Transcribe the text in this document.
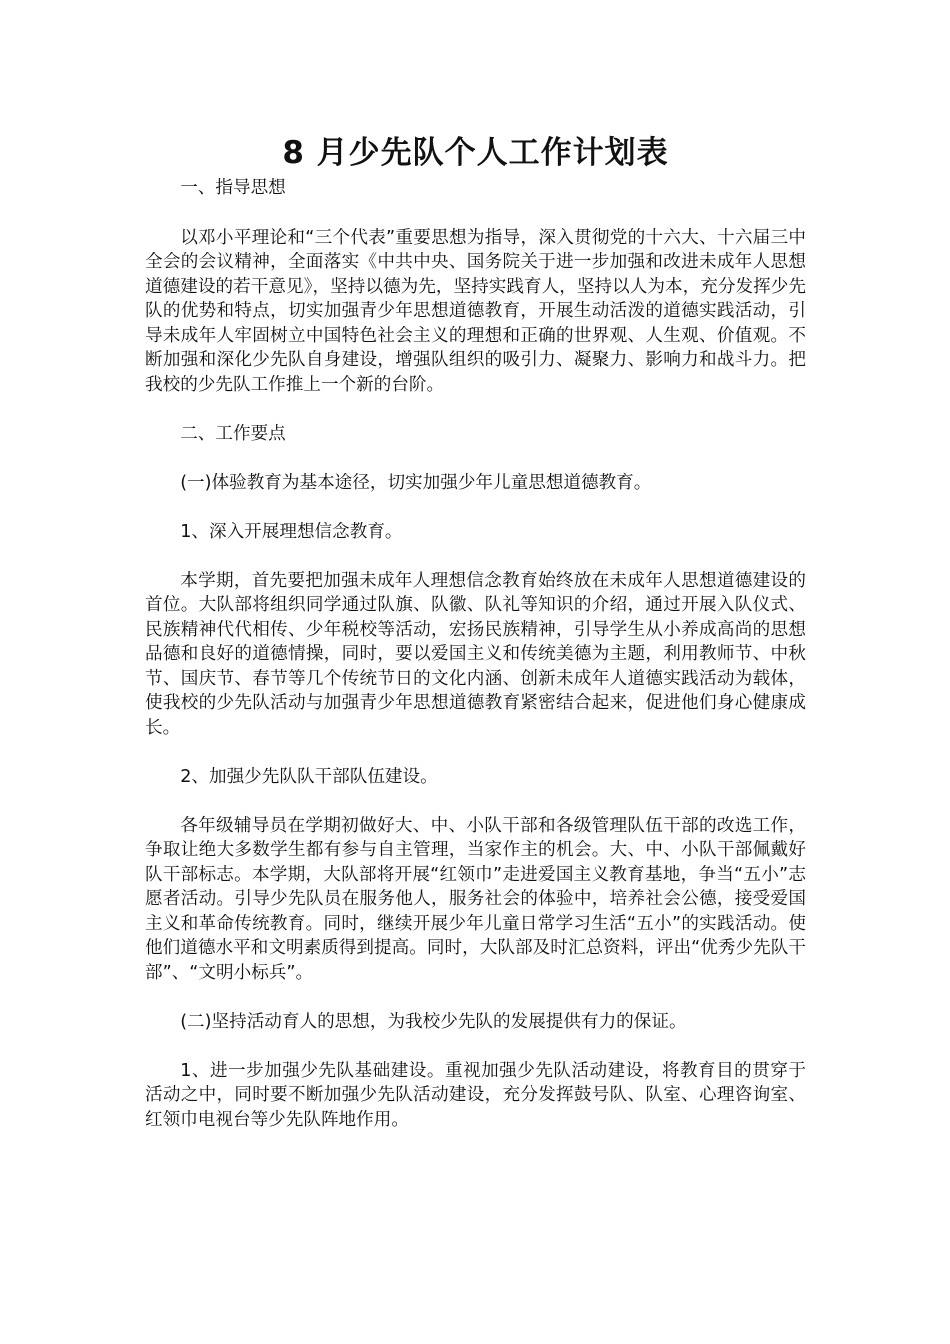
8 月少先队个人工作计划表

一、指导思想

以邓小平理论和“三个代表”重要思想为指导，深入贯彻党的十六大、十六届三中全会的会议精神，全面落实《中共中央、国务院关于进一步加强和改进未成年人思想道德建设的若干意见》，坚持以德为先，坚持实践育人，坚持以人为本，充分发挥少先队的优势和特点，切实加强青少年思想道德教育，开展生动活泼的道德实践活动，引导未成年人牢固树立中国特色社会主义的理想和正确的世界观、人生观、价值观。不断加强和深化少先队自身建设，增强队组织的吸引力、凝聚力、影响力和战斗力。把我校的少先队工作推上一个新的台阶。

二、工作要点

(一)体验教育为基本途径，切实加强少年儿童思想道德教育。

1、深入开展理想信念教育。

本学期，首先要把加强未成年人理想信念教育始终放在未成年人思想道德建设的首位。大队部将组织同学通过队旗、队徽、队礼等知识的介绍，通过开展入队仪式、民族精神代代相传、少年税校等活动，宏扬民族精神，引导学生从小养成高尚的思想品德和良好的道德情操，同时，要以爱国主义和传统美德为主题，利用教师节、中秋节、国庆节、春节等几个传统节日的文化内涵、创新未成年人道德实践活动为载体，使我校的少先队活动与加强青少年思想道德教育紧密结合起来，促进他们身心健康成长。

2、加强少先队队干部队伍建设。

各年级辅导员在学期初做好大、中、小队干部和各级管理队伍干部的改选工作，争取让绝大多数学生都有参与自主管理，当家作主的机会。大、中、小队干部佩戴好队干部标志。本学期，大队部将开展“红领巾”走进爱国主义教育基地，争当“五小”志愿者活动。引导少先队员在服务他人，服务社会的体验中，培养社会公德，接受爱国主义和革命传统教育。同时，继续开展少年儿童日常学习生活“五小”的实践活动。使他们道德水平和文明素质得到提高。同时，大队部及时汇总资料，评出“优秀少先队干部”、“文明小标兵”。

(二)坚持活动育人的思想，为我校少先队的发展提供有力的保证。

1、进一步加强少先队基础建设。重视加强少先队活动建设，将教育目的贯穿于活动之中，同时要不断加强少先队活动建设，充分发挥鼓号队、队室、心理咨询室、红领巾电视台等少先队阵地作用。
